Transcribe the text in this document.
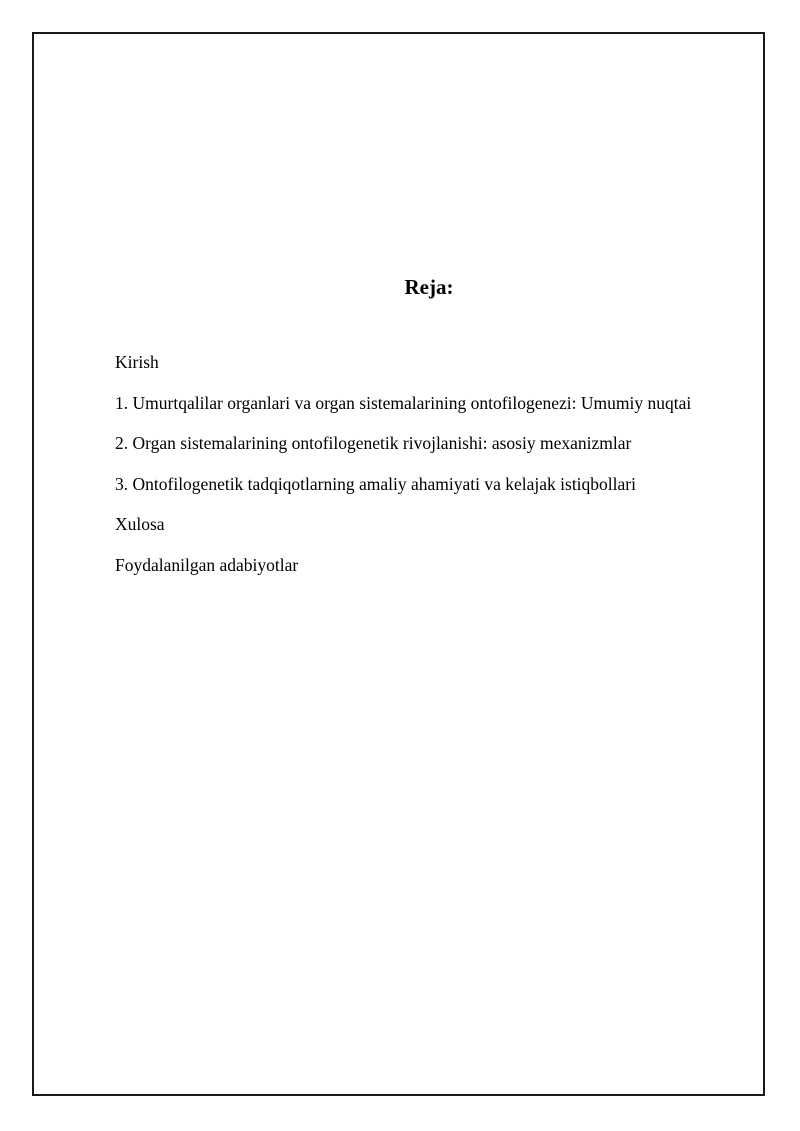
Reja:
Kirish
1. Umurtqalilar organlari va organ sistemalarining ontofilogenezi: Umumiy nuqtai
2. Organ sistemalarining ontofilogenetik rivojlanishi: asosiy mexanizmlar
3. Ontofilogenetik tadqiqotlarning amaliy ahamiyati va kelajak istiqbollari
Xulosa
Foydalanilgan adabiyotlar
